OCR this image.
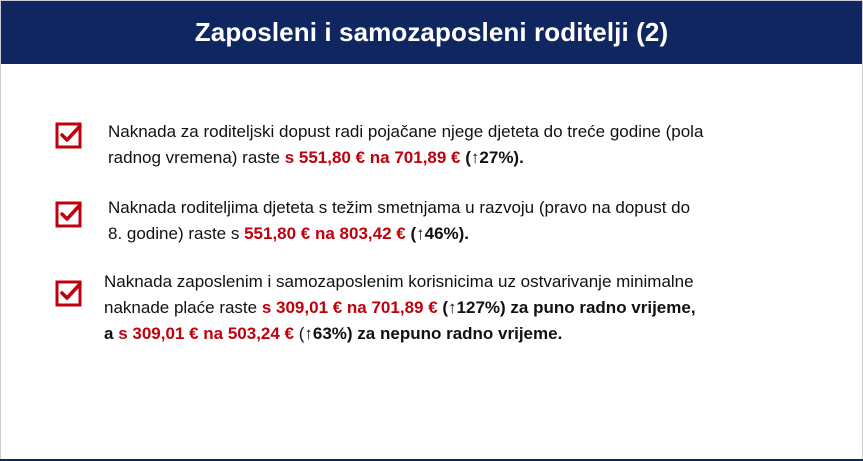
Zaposleni i samozaposleni roditelji (2)
Naknada za roditeljski dopust radi pojačane njege djeteta do treće godine (pola
radnog vremena) raste s 551,80 € na 701,89 € (↑27%).
Naknada roditeljima djeteta s težim smetnjama u razvoju (pravo na dopust do
8. godine) raste s 551,80 € na 803,42 € (↑46%).
Naknada zaposlenim i samozaposlenim korisnicima uz ostvarivanje minimalne
naknade plaće raste s 309,01 € na 701,89 € (↑127%) za puno radno vrijeme,
a s 309,01 € na 503,24 € (↑63%) za nepuno radno vrijeme.
